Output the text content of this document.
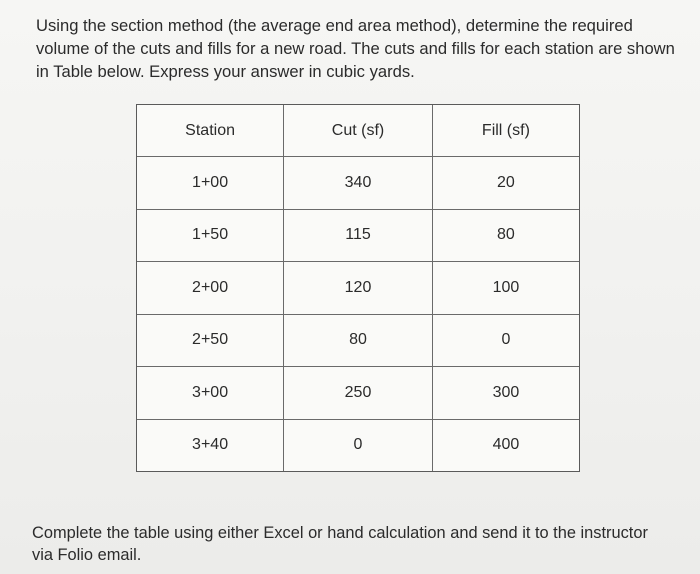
Using the section method (the average end area method), determine the required volume of the cuts and fills for a new road. The cuts and fills for each station are shown in Table below. Express your answer in cubic yards.

Station	Cut (sf)	Fill (sf)
1+00	340	20
1+50	115	80
2+00	120	100
2+50	80	0
3+00	250	300
3+40	0	400

Complete the table using either Excel or hand calculation and send it to the instructor via Folio email.
